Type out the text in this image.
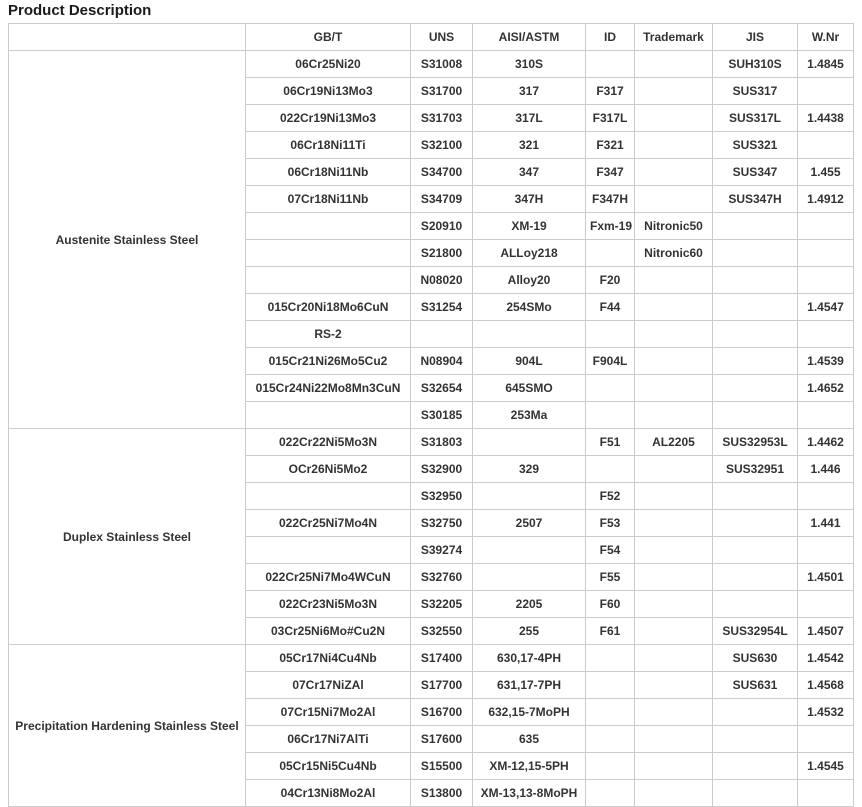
Product Description
	GB/T	UNS	AISI/ASTM	ID	Trademark	JIS	W.Nr
Austenite Stainless Steel	06Cr25Ni20	S31008	310S			SUH310S	1.4845
	06Cr19Ni13Mo3	S31700	317	F317		SUS317	
	022Cr19Ni13Mo3	S31703	317L	F317L		SUS317L	1.4438
	06Cr18Ni11Ti	S32100	321	F321		SUS321	
	06Cr18Ni11Nb	S34700	347	F347		SUS347	1.455
	07Cr18Ni11Nb	S34709	347H	F347H		SUS347H	1.4912
		S20910	XM-19	Fxm-19	Nitronic50		
		S21800	ALLoy218		Nitronic60		
		N08020	Alloy20	F20			
	015Cr20Ni18Mo6CuN	S31254	254SMo	F44			1.4547
	RS-2						
	015Cr21Ni26Mo5Cu2	N08904	904L	F904L			1.4539
	015Cr24Ni22Mo8Mn3CuN	S32654	645SMO				1.4652
		S30185	253Ma				
Duplex Stainless Steel	022Cr22Ni5Mo3N	S31803		F51	AL2205	SUS32953L	1.4462
	OCr26Ni5Mo2	S32900	329			SUS32951	1.446
		S32950		F52			
	022Cr25Ni7Mo4N	S32750	2507	F53			1.441
		S39274		F54			
	022Cr25Ni7Mo4WCuN	S32760		F55			1.4501
	022Cr23Ni5Mo3N	S32205	2205	F60			
	03Cr25Ni6Mo#Cu2N	S32550	255	F61		SUS32954L	1.4507
Precipitation Hardening Stainless Steel	05Cr17Ni4Cu4Nb	S17400	630,17-4PH			SUS630	1.4542
	07Cr17NiZAl	S17700	631,17-7PH			SUS631	1.4568
	07Cr15Ni7Mo2Al	S16700	632,15-7MoPH				1.4532
	06Cr17Ni7AlTi	S17600	635				
	05Cr15Ni5Cu4Nb	S15500	XM-12,15-5PH				1.4545
	04Cr13Ni8Mo2Al	S13800	XM-13,13-8MoPH				
